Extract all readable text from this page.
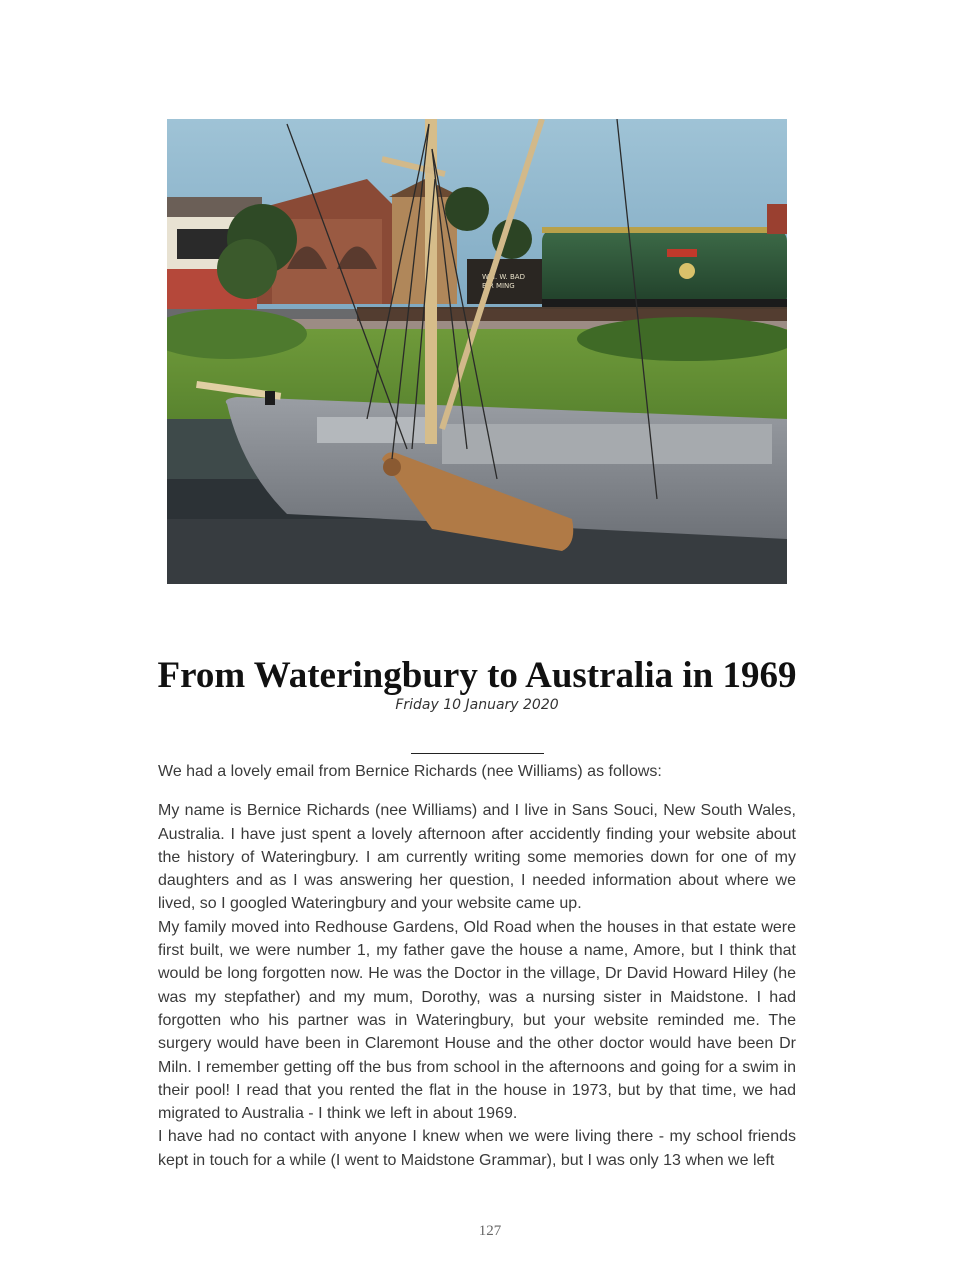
WM. W. BAD
BIR MING
From Wateringbury to Australia in 1969
Friday 10 January 2020

We had a lovely email from Bernice Richards (nee Williams) as follows:

My name is Bernice Richards (nee Williams) and I live in Sans Souci, New South Wales, Australia. I have just spent a lovely afternoon after accidently finding your website about the history of Wateringbury. I am currently writing some memories down for one of my daughters and as I was answering her question, I needed information about where we lived, so I googled Wateringbury and your website came up.

My family moved into Redhouse Gardens, Old Road when the houses in that estate were first built, we were number 1, my father gave the house a name, Amore, but I think that would be long forgotten now. He was the Doctor in the village, Dr David Howard Hiley (he was my stepfather) and my mum, Dorothy, was a nursing sister in Maidstone. I had forgotten who his partner was in Wateringbury, but your website reminded me. The surgery would have been in Claremont House and the other doctor would have been Dr Miln. I remember getting off the bus from school in the afternoons and going for a swim in their pool! I read that you rented the flat in the house in 1973, but by that time, we had migrated to Australia - I think we left in about 1969.

I have had no contact with anyone I knew when we were living there - my school friends kept in touch for a while (I went to Maidstone Grammar), but I was only 13 when we left

127
